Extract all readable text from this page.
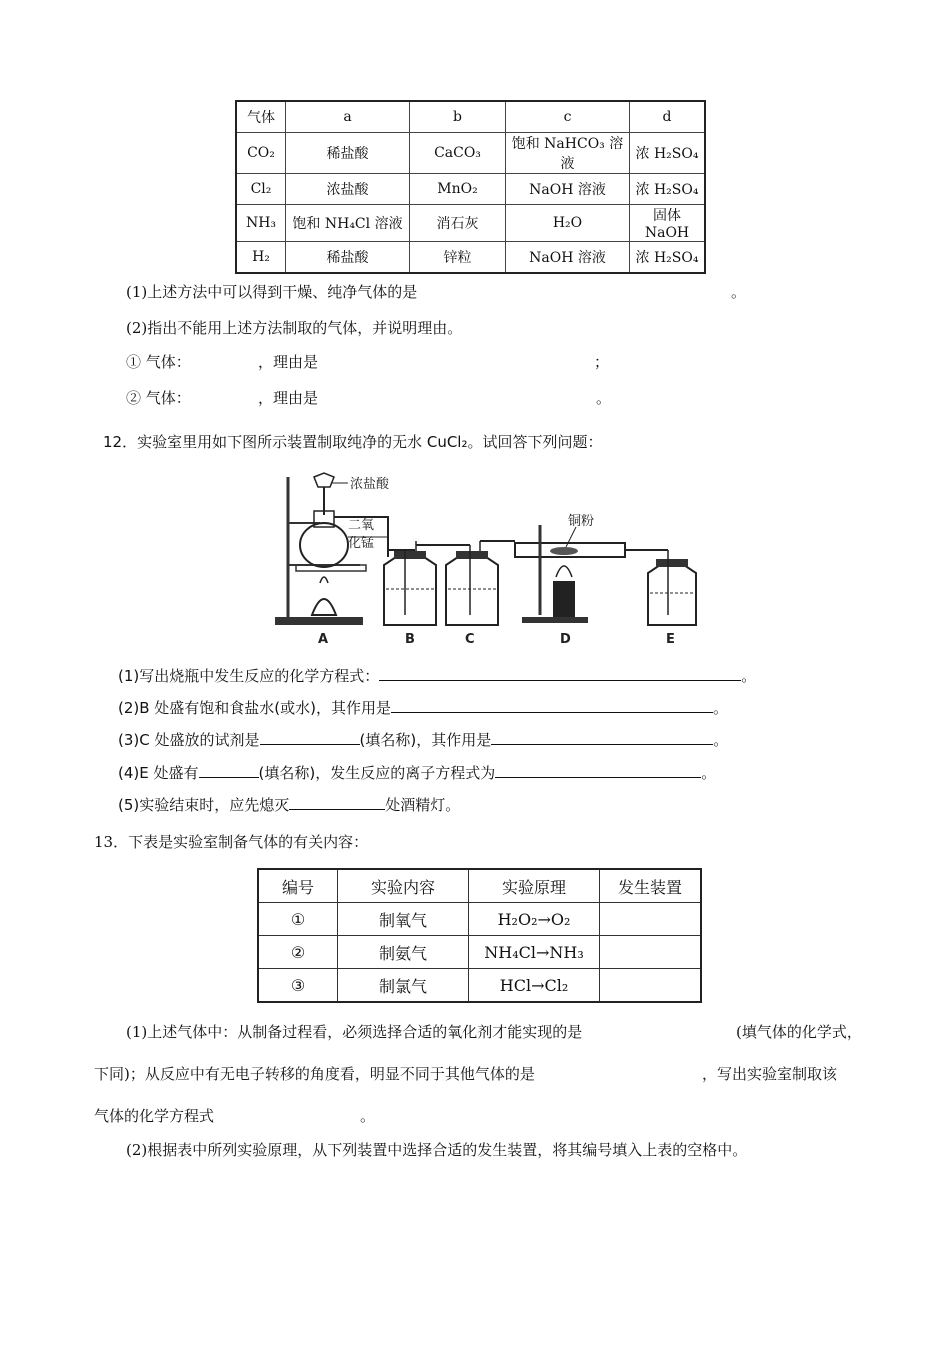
气体	a	b	c	d
CO₂	稀盐酸	CaCO₃	饱和 NaHCO₃ 溶液	浓 H₂SO₄
Cl₂	浓盐酸	MnO₂	NaOH 溶液	浓 H₂SO₄
NH₃	饱和 NH₄Cl 溶液	消石灰	H₂O	固体 NaOH
H₂	稀盐酸	锌粒	NaOH 溶液	浓 H₂SO₄
(1)上述方法中可以得到干燥、纯净气体的是	。
(2)指出不能用上述方法制取的气体，并说明理由。
① 气体：	，理由是	；
② 气体：	，理由是	。
12．实验室里用如下图所示装置制取纯净的无水 CuCl₂。试回答下列问题：
浓盐酸
二氧
化锰
铜粉
A	B	C	D	E
(1)写出烧瓶中发生反应的化学方程式：	。
(2)B 处盛有饱和食盐水(或水)，其作用是	。
(3)C 处盛放的试剂是	(填名称)，其作用是	。
(4)E 处盛有	(填名称)，发生反应的离子方程式为	。
(5)实验结束时，应先熄灭	处酒精灯。
13．下表是实验室制备气体的有关内容：
编号	实验内容	实验原理	发生装置
①	制氧气	H₂O₂→O₂	
②	制氨气	NH₄Cl→NH₃	
③	制氯气	HCl→Cl₂	
(1)上述气体中：从制备过程看，必须选择合适的氧化剂才能实现的是	(填气体的化学式，
下同)；从反应中有无电子转移的角度看，明显不同于其他气体的是	，写出实验室制取该
气体的化学方程式	。
(2)根据表中所列实验原理，从下列装置中选择合适的发生装置，将其编号填入上表的空格中。
